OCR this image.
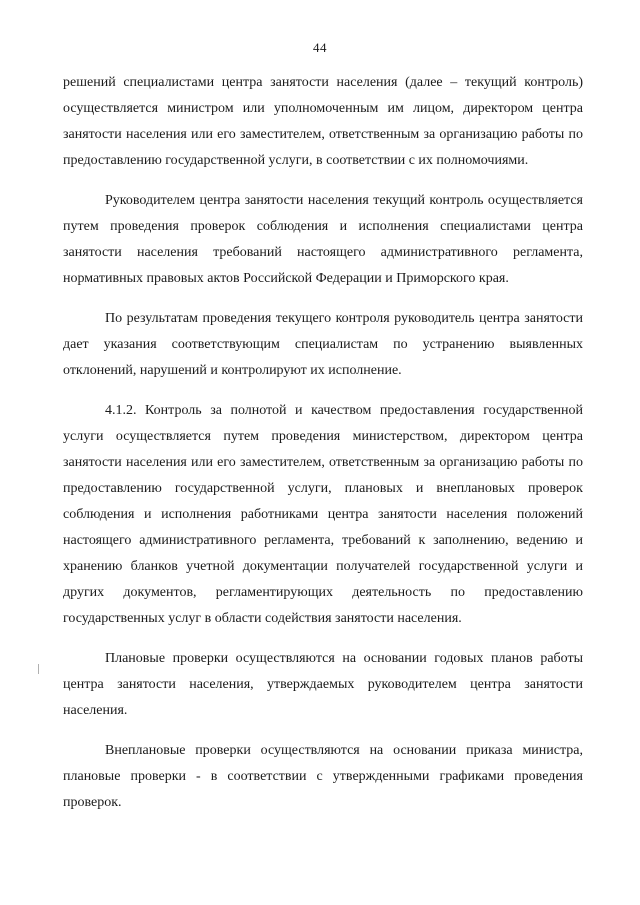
44

решений специалистами центра занятости населения (далее – текущий контроль) осуществляется министром или уполномоченным им лицом, директором центра занятости населения или его заместителем, ответственным за организацию работы по предоставлению государственной услуги, в соответствии с их полномочиями.

Руководителем центра занятости населения текущий контроль осуществляется путем проведения проверок соблюдения и исполнения специалистами центра занятости населения требований настоящего административного регламента, нормативных правовых актов Российской Федерации и Приморского края.

По результатам проведения текущего контроля руководитель центра занятости дает указания соответствующим специалистам по устранению выявленных отклонений, нарушений и контролируют их исполнение.

4.1.2. Контроль за полнотой и качеством предоставления государственной услуги осуществляется путем проведения министерством, директором центра занятости населения или его заместителем, ответственным за организацию работы по предоставлению государственной услуги, плановых и внеплановых проверок соблюдения и исполнения работниками центра занятости населения положений настоящего административного регламента, требований к заполнению, ведению и хранению бланков учетной документации получателей государственной услуги и других документов, регламентирующих деятельность по предоставлению государственных услуг в области содействия занятости населения.

Плановые проверки осуществляются на основании годовых планов работы центра занятости населения, утверждаемых руководителем центра занятости населения.

Внеплановые проверки осуществляются на основании приказа министра, плановые проверки - в соответствии с утвержденными графиками проведения проверок.
